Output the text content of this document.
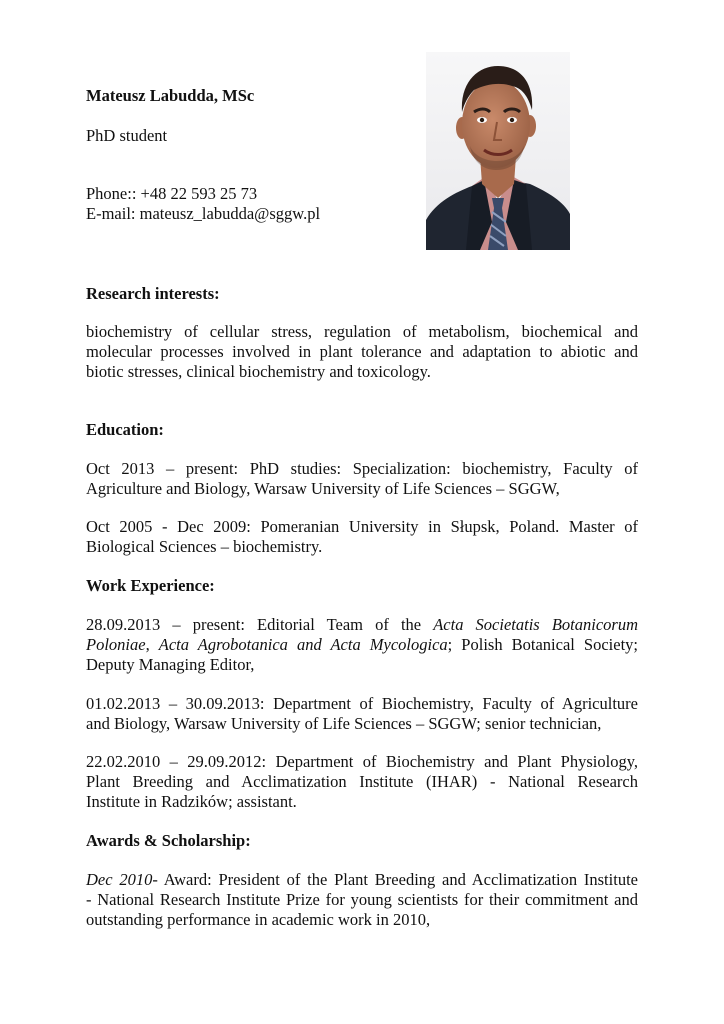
Mateusz Labudda, MSc
PhD student
Phone:: +48 22 593 25 73
E-mail: mateusz_labudda@sggw.pl
Research interests:
biochemistry of cellular stress, regulation of metabolism, biochemical and
molecular processes involved in plant tolerance and adaptation to abiotic and
biotic stresses, clinical biochemistry and toxicology.
Education:
Oct 2013 – present: PhD studies: Specialization: biochemistry, Faculty of
Agriculture and Biology, Warsaw University of Life Sciences – SGGW,
Oct 2005 - Dec 2009: Pomeranian University in Słupsk, Poland. Master of
Biological Sciences – biochemistry.
Work Experience:
28.09.2013 – present: Editorial Team of the Acta Societatis Botanicorum
Poloniae, Acta Agrobotanica and Acta Mycologica; Polish Botanical Society;
Deputy Managing Editor,
01.02.2013 – 30.09.2013: Department of Biochemistry, Faculty of Agriculture
and Biology, Warsaw University of Life Sciences – SGGW; senior technician,
22.02.2010 – 29.09.2012: Department of Biochemistry and Plant Physiology,
Plant Breeding and Acclimatization Institute (IHAR) - National Research
Institute in Radzików; assistant.
Awards & Scholarship:
Dec 2010- Award: President of the Plant Breeding and Acclimatization Institute
- National Research Institute Prize for young scientists for their commitment and
outstanding performance in academic work in 2010,
